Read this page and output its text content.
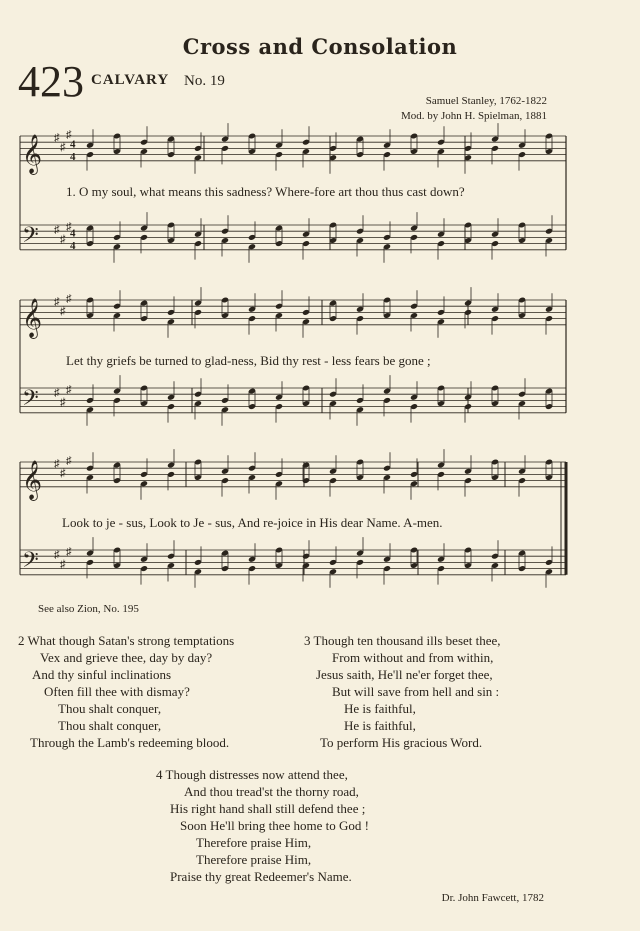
Cross and Consolation
423 CALVARY No. 19
Samuel Stanley, 1762-1822
Mod. by John H. Spielman, 1881
𝄞 ♯
♯
♯
4
4
𝄢 ♯
♯
♯
4
4
𝄞 ♯
♯
♯
𝄢 ♯
♯
♯
𝄞 ♯
♯
♯
𝄢 ♯
♯
♯
1. O my soul, what means this sadness? Where-fore art thou thus cast down?
Let thy griefs be turned to glad-ness, Bid thy rest - less fears be gone ;
Look to je - sus, Look to Je - sus, And re-joice in His dear Name. A-men.
See also Zion, No. 195
2 What though Satan's strong temptations
Vex and grieve thee, day by day?
And thy sinful inclinations
Often fill thee with dismay?
Thou shalt conquer,
Thou shalt conquer,
Through the Lamb's redeeming blood.
3 Though ten thousand ills beset thee,
From without and from within,
Jesus saith, He'll ne'er forget thee,
But will save from hell and sin :
He is faithful,
He is faithful,
To perform His gracious Word.
4 Though distresses now attend thee,
And thou tread'st the thorny road,
His right hand shall still defend thee ;
Soon He'll bring thee home to God !
Therefore praise Him,
Therefore praise Him,
Praise thy great Redeemer's Name.
Dr. John Fawcett, 1782
